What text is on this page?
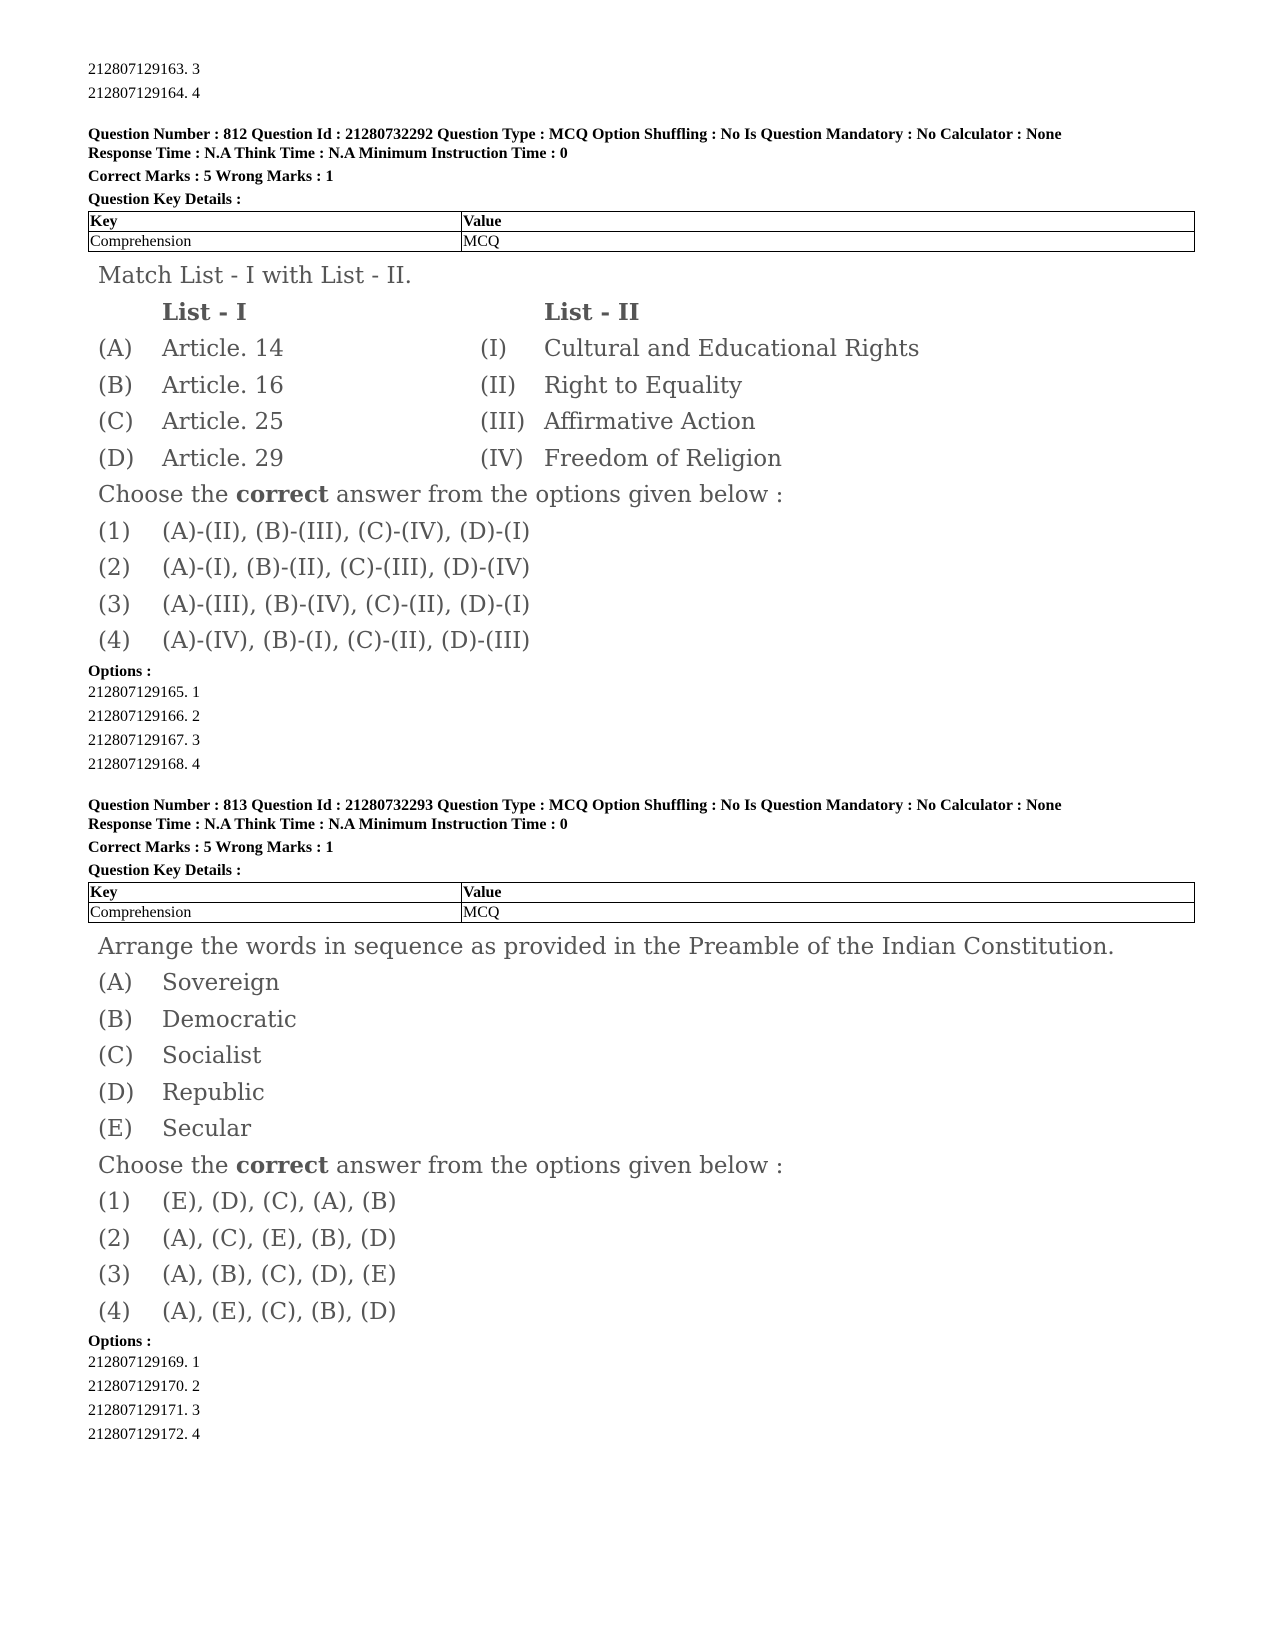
212807129163. 3
212807129164. 4
Question Number : 812 Question Id : 21280732292 Question Type : MCQ Option Shuffling : No Is Question Mandatory : No Calculator : None
Response Time : N.A Think Time : N.A Minimum Instruction Time : 0
Correct Marks : 5 Wrong Marks : 1
Question Key Details :
Key	Value
Comprehension	MCQ
Match List - I with List - II.
List - I	List - II
(A)	Article. 14	(I)	Cultural and Educational Rights
(B)	Article. 16	(II)	Right to Equality
(C)	Article. 25	(III) Affirmative Action
(D)	Article. 29	(IV) Freedom of Religion
Choose the
correct
answer from the options given below :
(1)	(A)-(II), (B)-(III), (C)-(IV), (D)-(I)
(2)	(A)-(I), (B)-(II), (C)-(III), (D)-(IV)
(3)	(A)-(III), (B)-(IV), (C)-(II), (D)-(I)
(4)	(A)-(IV), (B)-(I), (C)-(II), (D)-(III)
Options :
212807129165. 1
212807129166. 2
212807129167. 3
212807129168. 4
Question Number : 813 Question Id : 21280732293 Question Type : MCQ Option Shuffling : No Is Question Mandatory : No Calculator : None
Response Time : N.A Think Time : N.A Minimum Instruction Time : 0
Correct Marks : 5 Wrong Marks : 1
Question Key Details :
Key	Value
Comprehension	MCQ
Arrange the words in sequence as provided in the Preamble of the Indian Constitution.
(A)	Sovereign
(B)	Democratic
(C)	Socialist
(D)	Republic
(E)	Secular
Choose the
correct
answer from the options given below :
(1)	(E), (D), (C), (A), (B)
(2)	(A), (C), (E), (B), (D)
(3)	(A), (B), (C), (D), (E)
(4)	(A), (E), (C), (B), (D)
Options :
212807129169. 1
212807129170. 2
212807129171. 3
212807129172. 4
